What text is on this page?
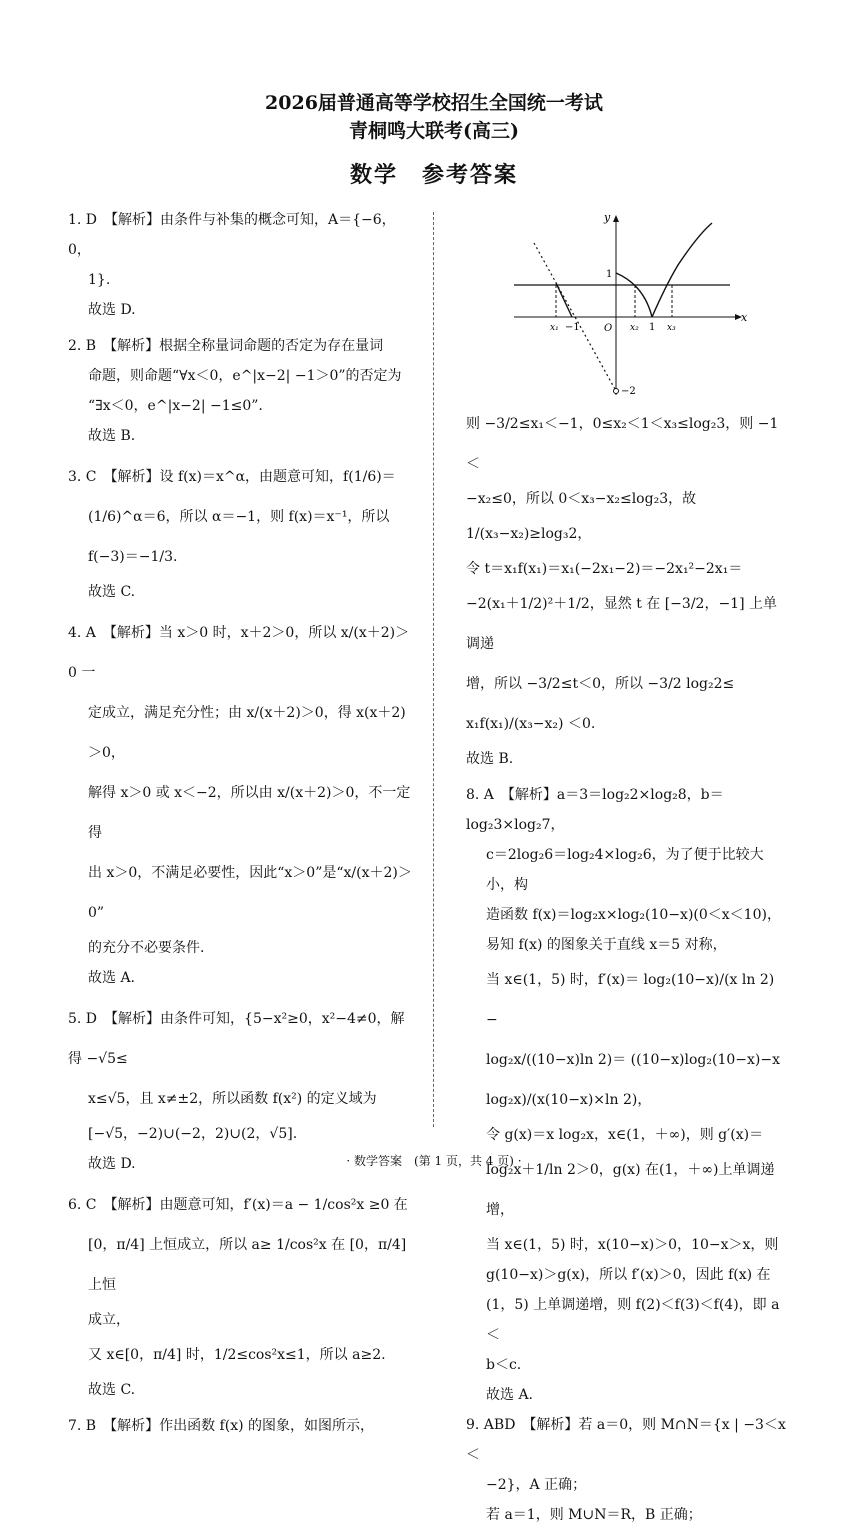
2026届普通高等学校招生全国统一考试
青桐鸣大联考(高三)
数学　参考答案

1. D　【解析】由条件与补集的概念可知，A＝{−6，0，

1}.

故选 D.

2. B　【解析】根据全称量词命题的否定为存在量词

命题，则命题“∀x＜0，e^|x−2| −1＞0”的否定为

“∃x＜0，e^|x−2| −1≤0”.

故选 B.

3. C　【解析】设 f(x)＝x^α，由题意可知，f(1/6)＝

(1/6)^α＝6，所以 α＝−1，则 f(x)＝x⁻¹，所以

f(−3)＝−1/3.

故选 C.

4. A　【解析】当 x＞0 时，x＋2＞0，所以 x/(x＋2)＞0 一

定成立，满足充分性；由 x/(x＋2)＞0，得 x(x＋2)＞0，

解得 x＞0 或 x＜−2，所以由 x/(x＋2)＞0，不一定得

出 x＞0，不满足必要性，因此“x＞0”是“x/(x＋2)＞0”

的充分不必要条件.

故选 A.

5. D　【解析】由条件可知，{5−x²≥0，x²−4≠0，解得 −√5≤

x≤√5，且 x≠±2，所以函数 f(x²) 的定义域为

[−√5，−2)∪(−2，2)∪(2，√5].

故选 D.

6. C　【解析】由题意可知，f′(x)＝a − 1/cos²x ≥0 在

[0，π/4] 上恒成立，所以 a≥ 1/cos²x 在 [0，π/4] 上恒

成立，

又 x∈[0，π/4] 时，1/2≤cos²x≤1，所以 a≥2.

故选 C.

7. B　【解析】作出函数 f(x) 的图象，如图所示，

y
x
O
1
−2
1
−1
x₁	x₂	x₃

则 −3/2≤x₁＜−1，0≤x₂＜1＜x₃≤log₂3，则 −1＜

−x₂≤0，所以 0＜x₃−x₂≤log₂3，故

1/(x₃−x₂)≥log₃2，

令 t＝x₁f(x₁)＝x₁(−2x₁−2)＝−2x₁²−2x₁＝

−2(x₁＋1/2)²＋1/2，显然 t 在 [−3/2，−1] 上单调递

增，所以 −3/2≤t＜0，所以 −3/2 log₂2≤ x₁f(x₁)/(x₃−x₂) ＜0.

故选 B.

8. A　【解析】a＝3＝log₂2×log₂8，b＝log₂3×log₂7，

c＝2log₂6＝log₂4×log₂6，为了便于比较大小，构

造函数 f(x)＝log₂x×log₂(10−x)(0＜x＜10)，

易知 f(x) 的图象关于直线 x＝5 对称，

当 x∈(1，5) 时，f′(x)＝ log₂(10−x)/(x ln 2) −

log₂x/((10−x)ln 2)＝ ((10−x)log₂(10−x)−x log₂x)/(x(10−x)×ln 2)，

令 g(x)＝x log₂x，x∈(1，＋∞)，则 g′(x)＝

log₂x＋1/ln 2＞0，g(x) 在(1，＋∞)上单调递增，

当 x∈(1，5) 时，x(10−x)＞0，10−x＞x，则

g(10−x)＞g(x)，所以 f′(x)＞0，因此 f(x) 在

(1，5) 上单调递增，则 f(2)＜f(3)＜f(4)，即 a＜

b＜c.

故选 A.

9. ABD　【解析】若 a＝0，则 M∩N＝{x | −3＜x＜

−2}，A 正确；

若 a＝1，则 M∪N＝R，B 正确；

· 数学答案　(第 1 页，共 4 页) ·
